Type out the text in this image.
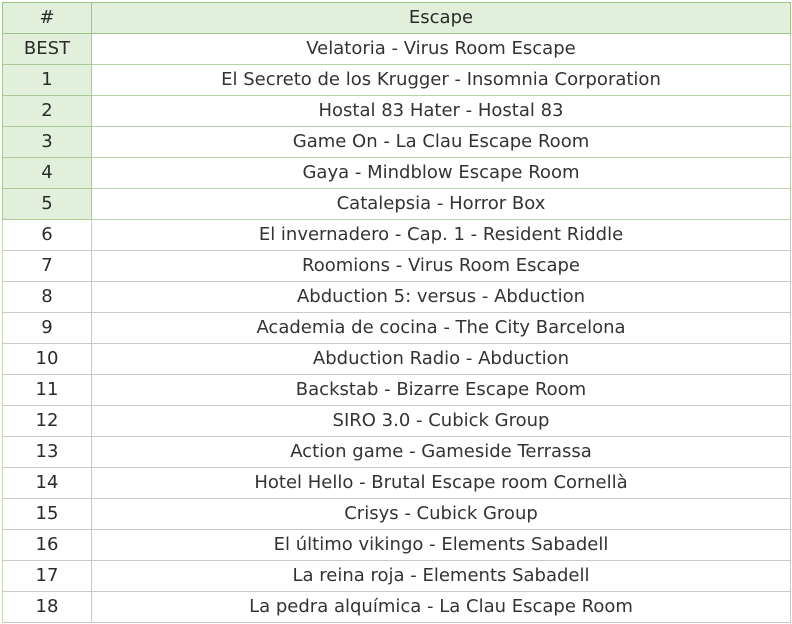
#	Escape
BEST	Velatoria - Virus Room Escape
1	El Secreto de los Krugger - Insomnia Corporation
2	Hostal 83 Hater - Hostal 83
3	Game On - La Clau Escape Room
4	Gaya - Mindblow Escape Room
5	Catalepsia - Horror Box
6	El invernadero - Cap. 1 - Resident Riddle
7	Roomions - Virus Room Escape
8	Abduction 5: versus - Abduction
9	Academia de cocina - The City Barcelona
10	Abduction Radio - Abduction
11	Backstab - Bizarre Escape Room
12	SIRO 3.0 - Cubick Group
13	Action game - Gameside Terrassa
14	Hotel Hello - Brutal Escape room Cornellà
15	Crisys - Cubick Group
16	El último vikingo - Elements Sabadell
17	La reina roja - Elements Sabadell
18	La pedra alquímica - La Clau Escape Room
